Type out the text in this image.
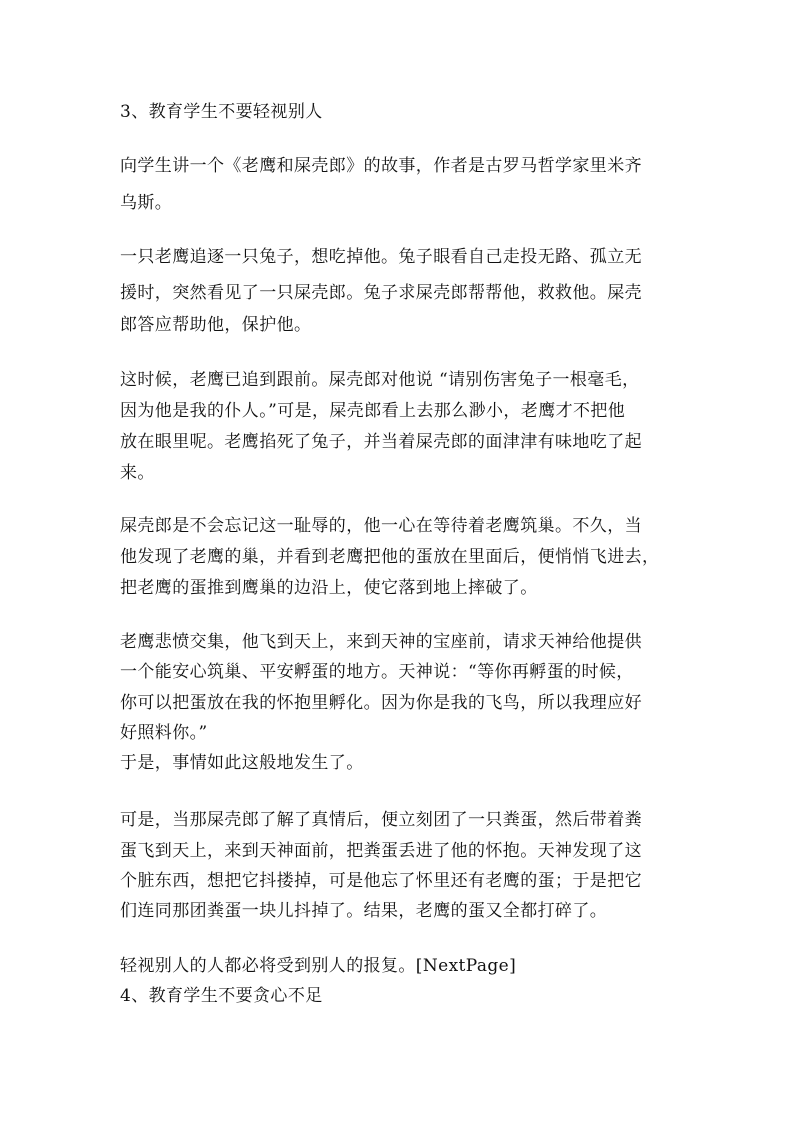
3、教育学生不要轻视别人
向学生讲一个《老鹰和屎壳郎》的故事，作者是古罗马哲学家里米齐
乌斯。
一只老鹰追逐一只兔子，想吃掉他。兔子眼看自己走投无路、孤立无
援时，突然看见了一只屎壳郎。兔子求屎壳郎帮帮他，救救他。屎壳
郎答应帮助他，保护他。
这时候，老鹰已追到跟前。屎壳郎对他说 “请别伤害兔子一根毫毛，
因为他是我的仆人。”可是，屎壳郎看上去那么渺小，老鹰才不把他
放在眼里呢。老鹰掐死了兔子，并当着屎壳郎的面津津有味地吃了起
来。
屎壳郎是不会忘记这一耻辱的，他一心在等待着老鹰筑巢。不久，当
他发现了老鹰的巢，并看到老鹰把他的蛋放在里面后，便悄悄飞进去，
把老鹰的蛋推到鹰巢的边沿上，使它落到地上摔破了。
老鹰悲愤交集，他飞到天上，来到天神的宝座前，请求天神给他提供
一个能安心筑巢、平安孵蛋的地方。天神说：“等你再孵蛋的时候，
你可以把蛋放在我的怀抱里孵化。因为你是我的飞鸟，所以我理应好
好照料你。”
于是，事情如此这般地发生了。
可是，当那屎壳郎了解了真情后，便立刻团了一只粪蛋，然后带着粪
蛋飞到天上，来到天神面前，把粪蛋丢进了他的怀抱。天神发现了这
个脏东西，想把它抖搂掉，可是他忘了怀里还有老鹰的蛋；于是把它
们连同那团粪蛋一块儿抖掉了。结果，老鹰的蛋又全都打碎了。
轻视别人的人都必将受到别人的报复。[NextPage]
4、教育学生不要贪心不足
